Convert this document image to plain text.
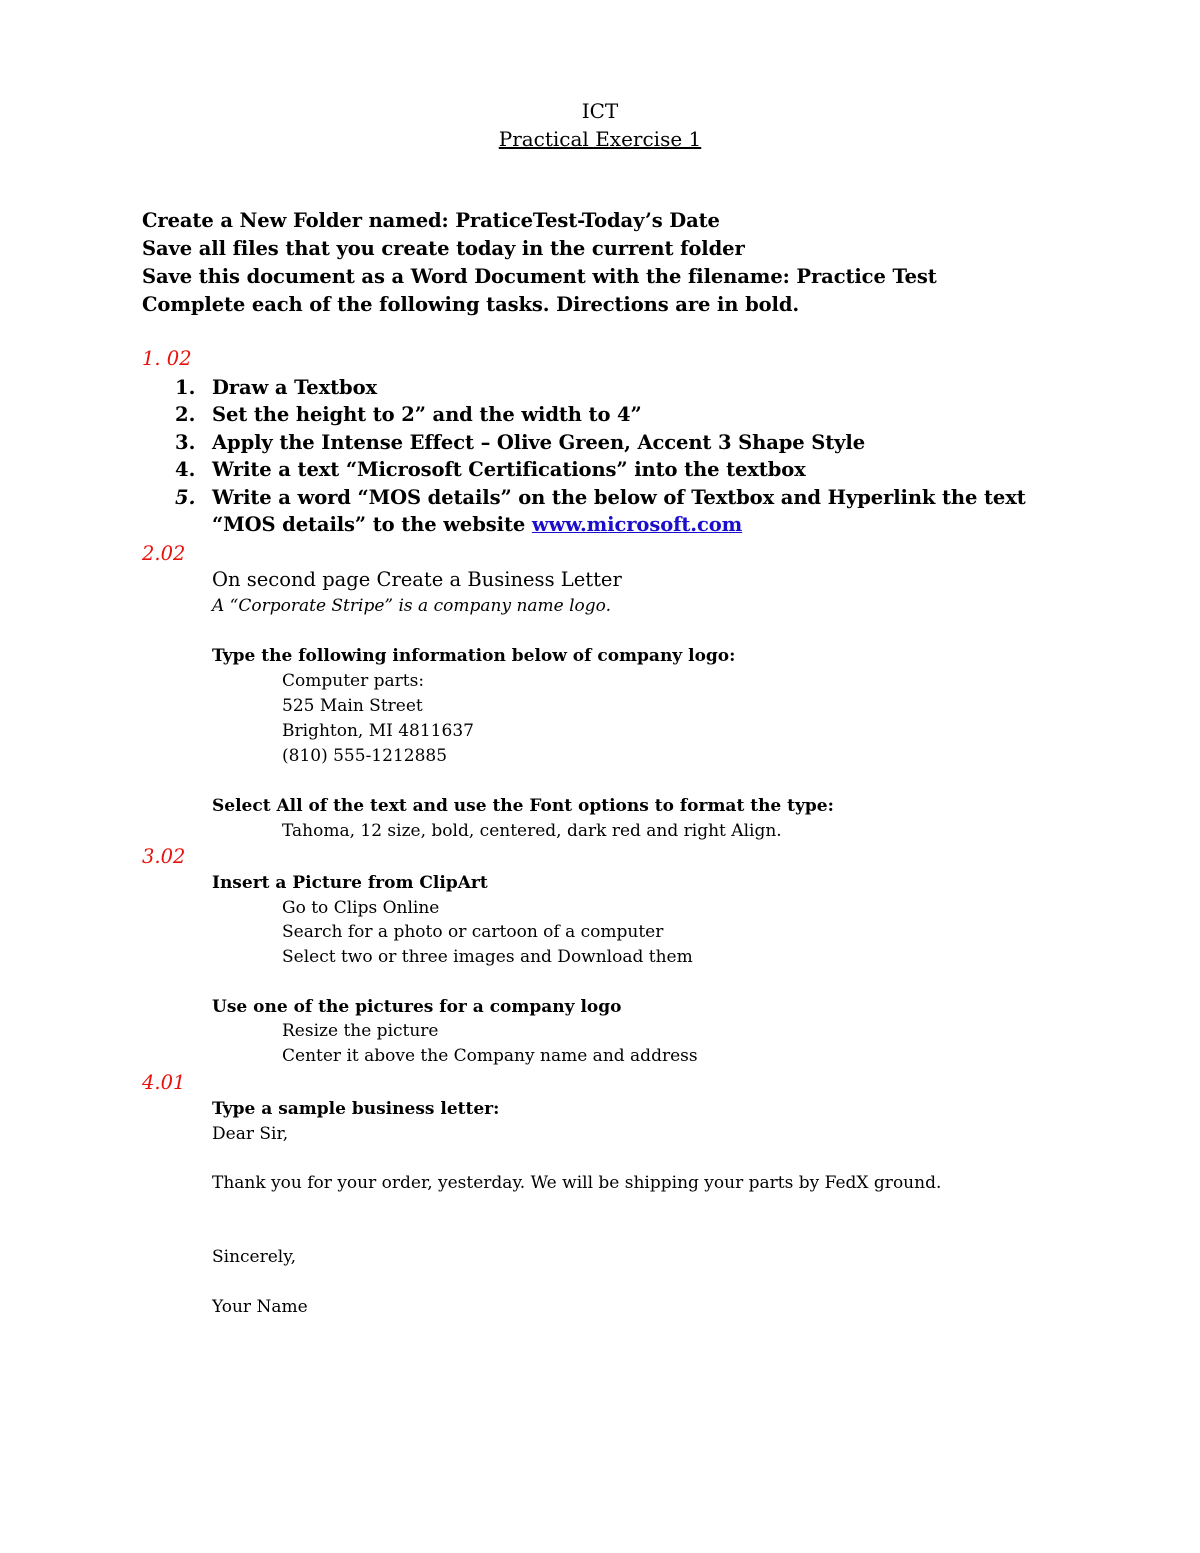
ICT
Practical Exercise 1
Create a New Folder named: PraticeTest-Today’s Date
Save all files that you create today in the current folder
Save this document as a Word Document with the filename: Practice Test
Complete each of the following tasks. Directions are in bold.
1. 02
1. Draw a Textbox
2. Set the height to 2” and the width to 4”
3. Apply the Intense Effect – Olive Green, Accent 3 Shape Style
4. Write a text “Microsoft Certifications” into the textbox
5. Write a word “MOS details” on the below of Textbox and Hyperlink the text
“MOS details” to the website www.microsoft.com
2.02
On second page Create a Business Letter
A “Corporate Stripe” is a company name logo.
Type the following information below of company logo:
Computer parts:
525 Main Street
Brighton, MI 4811637
(810) 555-1212885
Select All of the text and use the Font options to format the type:
Tahoma, 12 size, bold, centered, dark red and right Align.
3.02
Insert a Picture from ClipArt
Go to Clips Online
Search for a photo or cartoon of a computer
Select two or three images and Download them
Use one of the pictures for a company logo
Resize the picture
Center it above the Company name and address
4.01
Type a sample business letter:
Dear Sir,
Thank you for your order, yesterday. We will be shipping your parts by FedX ground.
Sincerely,
Your Name
